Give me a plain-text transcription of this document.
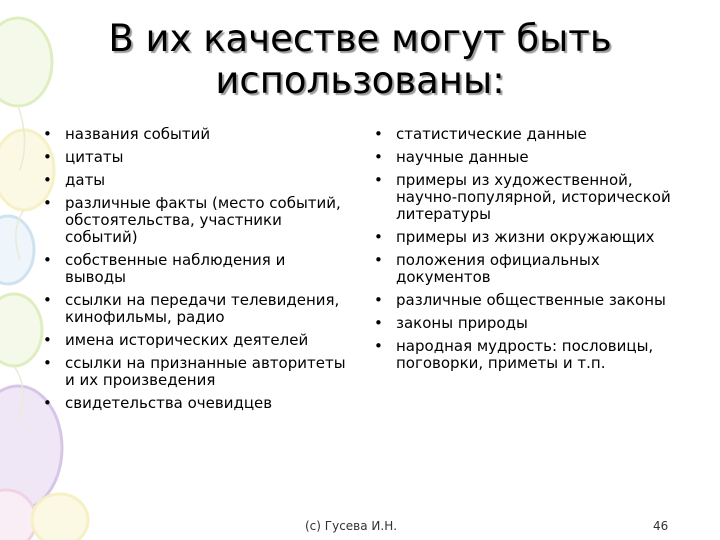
В их качестве могут быть использованы:
• названия событий
• цитаты
• даты
• различные факты (место событий, обстоятельства, участники событий)
• собственные наблюдения и выводы
• ссылки на передачи телевидения, кинофильмы, радио
• имена исторических деятелей
• ссылки на признанные авторитеты и их произведения
• свидетельства очевидцев
• статистические данные
• научные данные
• примеры из художественной, научно-популярной, исторической литературы
• примеры из жизни окружающих
• положения официальных документов
• различные общественные законы
• законы природы
• народная мудрость: пословицы, поговорки, приметы и т.п.
(с) Гусева И.Н.	46
